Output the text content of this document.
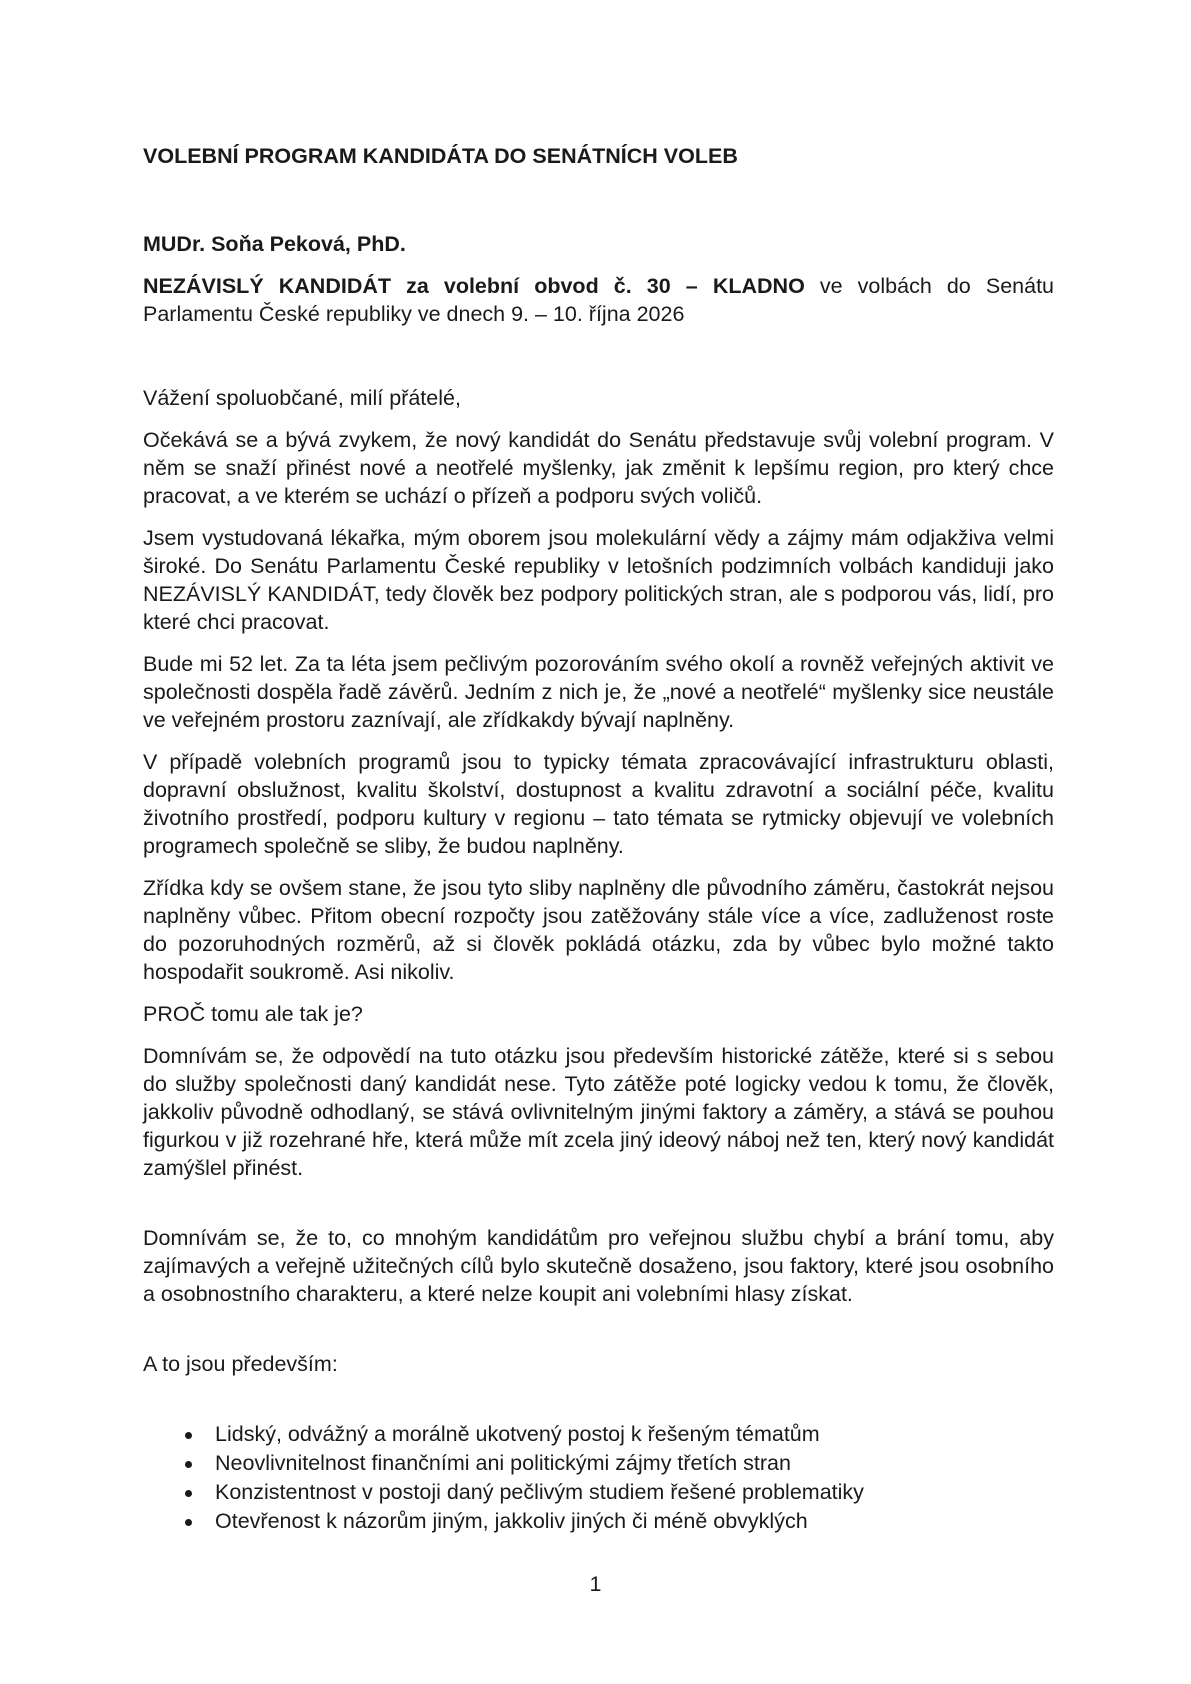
VOLEBNÍ PROGRAM KANDIDÁTA DO SENÁTNÍCH VOLEB

MUDr. Soňa Peková, PhD.

NEZÁVISLÝ KANDIDÁT za volební obvod č. 30 – KLADNO ve volbách do Senátu Parlamentu České republiky ve dnech 9. – 10. října 2026

Vážení spoluobčané, milí přátelé,

Očekává se a bývá zvykem, že nový kandidát do Senátu představuje svůj volební program. V něm se snaží přinést nové a neotřelé myšlenky, jak změnit k lepšímu region, pro který chce pracovat, a ve kterém se uchází o přízeň a podporu svých voličů.

Jsem vystudovaná lékařka, mým oborem jsou molekulární vědy a zájmy mám odjakživa velmi široké. Do Senátu Parlamentu České republiky v letošních podzimních volbách kandiduji jako NEZÁVISLÝ KANDIDÁT, tedy člověk bez podpory politických stran, ale s podporou vás, lidí, pro které chci pracovat.

Bude mi 52 let. Za ta léta jsem pečlivým pozorováním svého okolí a rovněž veřejných aktivit ve společnosti dospěla řadě závěrů. Jedním z nich je, že „nové a neotřelé“ myšlenky sice neustále ve veřejném prostoru zaznívají, ale zřídkakdy bývají naplněny.

V případě volebních programů jsou to typicky témata zpracovávající infrastrukturu oblasti, dopravní obslužnost, kvalitu školství, dostupnost a kvalitu zdravotní a sociální péče, kvalitu životního prostředí, podporu kultury v regionu – tato témata se rytmicky objevují ve volebních programech společně se sliby, že budou naplněny.

Zřídka kdy se ovšem stane, že jsou tyto sliby naplněny dle původního záměru, častokrát nejsou naplněny vůbec. Přitom obecní rozpočty jsou zatěžovány stále více a více, zadluženost roste do pozoruhodných rozměrů, až si člověk pokládá otázku, zda by vůbec bylo možné takto hospodařit soukromě. Asi nikoliv.

PROČ tomu ale tak je?

Domnívám se, že odpovědí na tuto otázku jsou především historické zátěže, které si s sebou do služby společnosti daný kandidát nese. Tyto zátěže poté logicky vedou k tomu, že člověk, jakkoliv původně odhodlaný, se stává ovlivnitelným jinými faktory a záměry, a stává se pouhou figurkou v již rozehrané hře, která může mít zcela jiný ideový náboj než ten, který nový kandidát zamýšlel přinést.

Domnívám se, že to, co mnohým kandidátům pro veřejnou službu chybí a brání tomu, aby zajímavých a veřejně užitečných cílů bylo skutečně dosaženo, jsou faktory, které jsou osobního a osobnostního charakteru, a které nelze koupit ani volebními hlasy získat.

A to jsou především:

Lidský, odvážný a morálně ukotvený postoj k řešeným tématům
Neovlivnitelnost finančními ani politickými zájmy třetích stran
Konzistentnost v postoji daný pečlivým studiem řešené problematiky
Otevřenost k názorům jiným, jakkoliv jiných či méně obvyklých

1
